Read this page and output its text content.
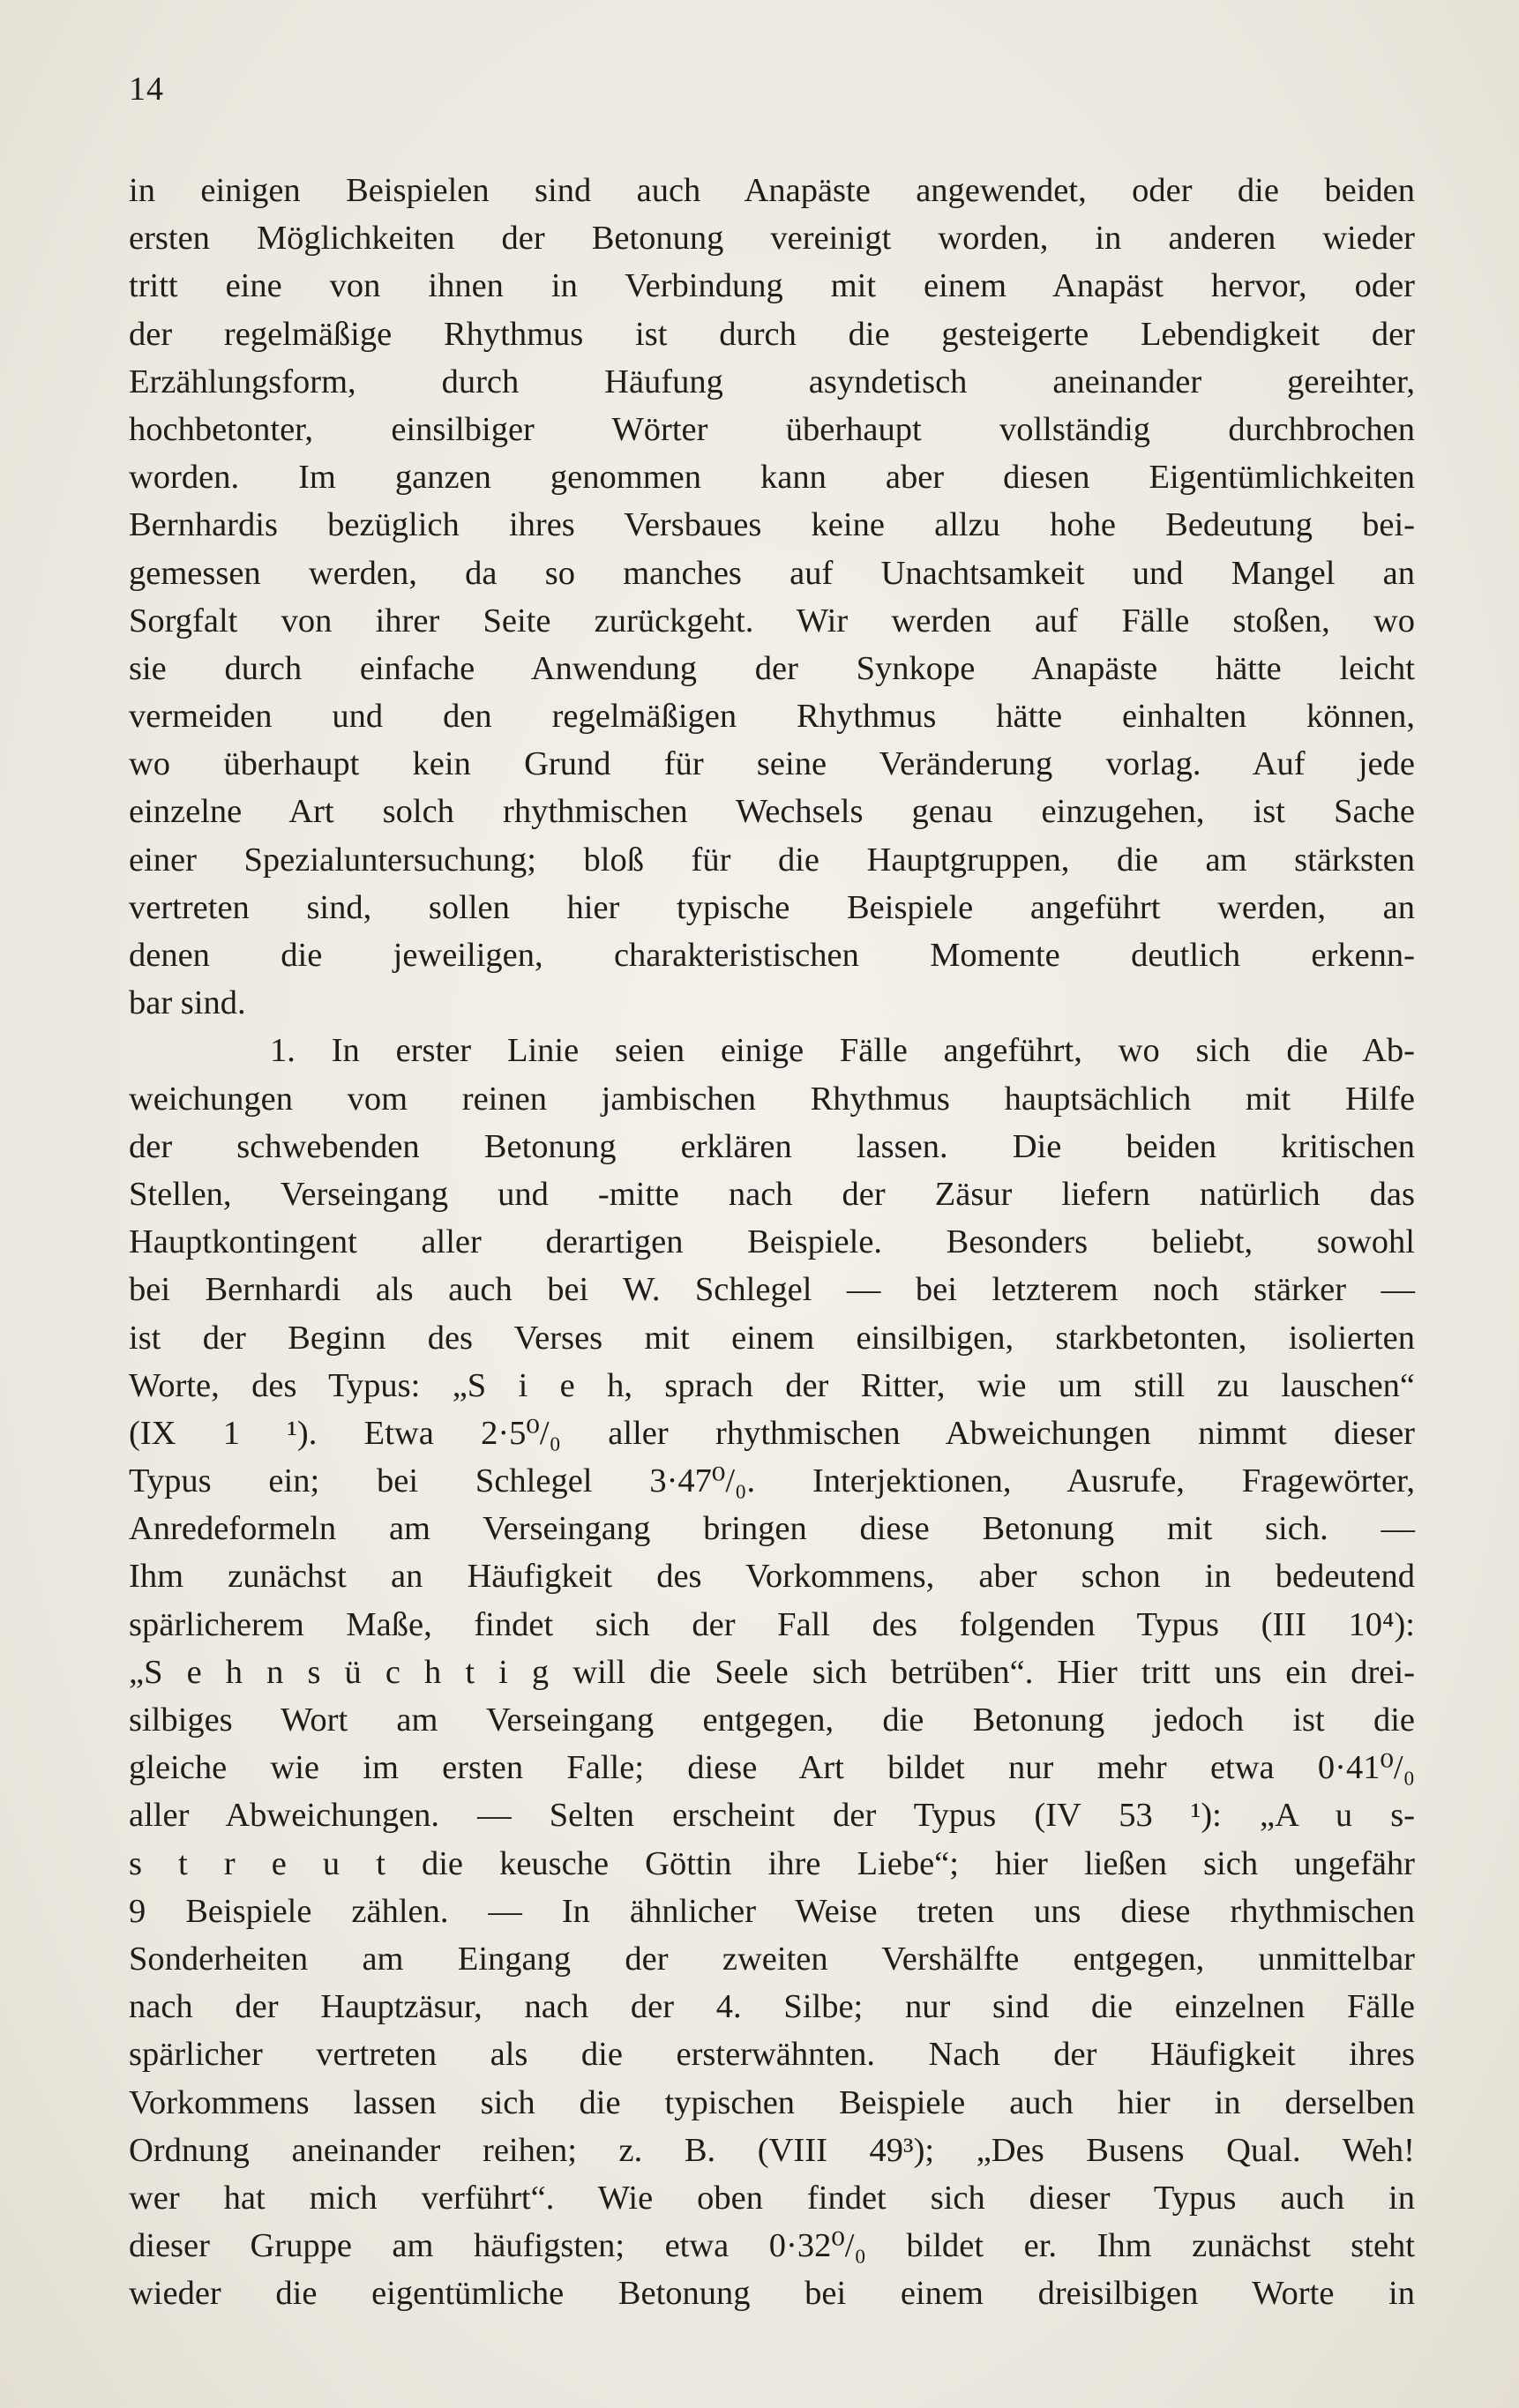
14
in einigen Beispielen sind auch Anapäste angewendet, oder die beiden
ersten Möglichkeiten der Betonung vereinigt worden, in anderen wieder
tritt eine von ihnen in Verbindung mit einem Anapäst hervor, oder
der regelmäßige Rhythmus ist durch die gesteigerte Lebendigkeit der
Erzählungsform, durch Häufung asyndetisch aneinander gereihter,
hochbetonter, einsilbiger Wörter überhaupt vollständig durchbrochen
worden. Im ganzen genommen kann aber diesen Eigentümlichkeiten
Bernhardis bezüglich ihres Versbaues keine allzu hohe Bedeutung bei-
gemessen werden, da so manches auf Unachtsamkeit und Mangel an
Sorgfalt von ihrer Seite zurückgeht. Wir werden auf Fälle stoßen, wo
sie durch einfache Anwendung der Synkope Anapäste hätte leicht
vermeiden und den regelmäßigen Rhythmus hätte einhalten können,
wo überhaupt kein Grund für seine Veränderung vorlag. Auf jede
einzelne Art solch rhythmischen Wechsels genau einzugehen, ist Sache
einer Spezialuntersuchung; bloß für die Hauptgruppen, die am stärksten
vertreten sind, sollen hier typische Beispiele angeführt werden, an
denen die jeweiligen, charakteristischen Momente deutlich erkenn-
bar sind.
1. In erster Linie seien einige Fälle angeführt, wo sich die Ab-
weichungen vom reinen jambischen Rhythmus hauptsächlich mit Hilfe
der schwebenden Betonung erklären lassen. Die beiden kritischen
Stellen, Verseingang und -mitte nach der Zäsur liefern natürlich das
Hauptkontingent aller derartigen Beispiele. Besonders beliebt, sowohl
bei Bernhardi als auch bei W. Schlegel — bei letzterem noch stärker —
ist der Beginn des Verses mit einem einsilbigen, starkbetonten, isolierten
Worte, des Typus: „S i e h, sprach der Ritter, wie um still zu lauschen“
(IX 1 ¹). Etwa 2·5⁰/₀ aller rhythmischen Abweichungen nimmt dieser
Typus ein; bei Schlegel 3·47⁰/₀. Interjektionen, Ausrufe, Fragewörter,
Anredeformeln am Verseingang bringen diese Betonung mit sich. —
Ihm zunächst an Häufigkeit des Vorkommens, aber schon in bedeutend
spärlicherem Maße, findet sich der Fall des folgenden Typus (III 10⁴):
„S e h n s ü c h t i g will die Seele sich betrüben“. Hier tritt uns ein drei-
silbiges Wort am Verseingang entgegen, die Betonung jedoch ist die
gleiche wie im ersten Falle; diese Art bildet nur mehr etwa 0·41⁰/₀
aller Abweichungen. — Selten erscheint der Typus (IV 53 ¹): „A u s-
s t r e u t die keusche Göttin ihre Liebe“; hier ließen sich ungefähr
9 Beispiele zählen. — In ähnlicher Weise treten uns diese rhythmischen
Sonderheiten am Eingang der zweiten Vershälfte entgegen, unmittelbar
nach der Hauptzäsur, nach der 4. Silbe; nur sind die einzelnen Fälle
spärlicher vertreten als die ersterwähnten. Nach der Häufigkeit ihres
Vorkommens lassen sich die typischen Beispiele auch hier in derselben
Ordnung aneinander reihen; z. B. (VIII 49³); „Des Busens Qual. Weh!
wer hat mich verführt“. Wie oben findet sich dieser Typus auch in
dieser Gruppe am häufigsten; etwa 0·32⁰/₀ bildet er. Ihm zunächst steht
wieder die eigentümliche Betonung bei einem dreisilbigen Worte in
